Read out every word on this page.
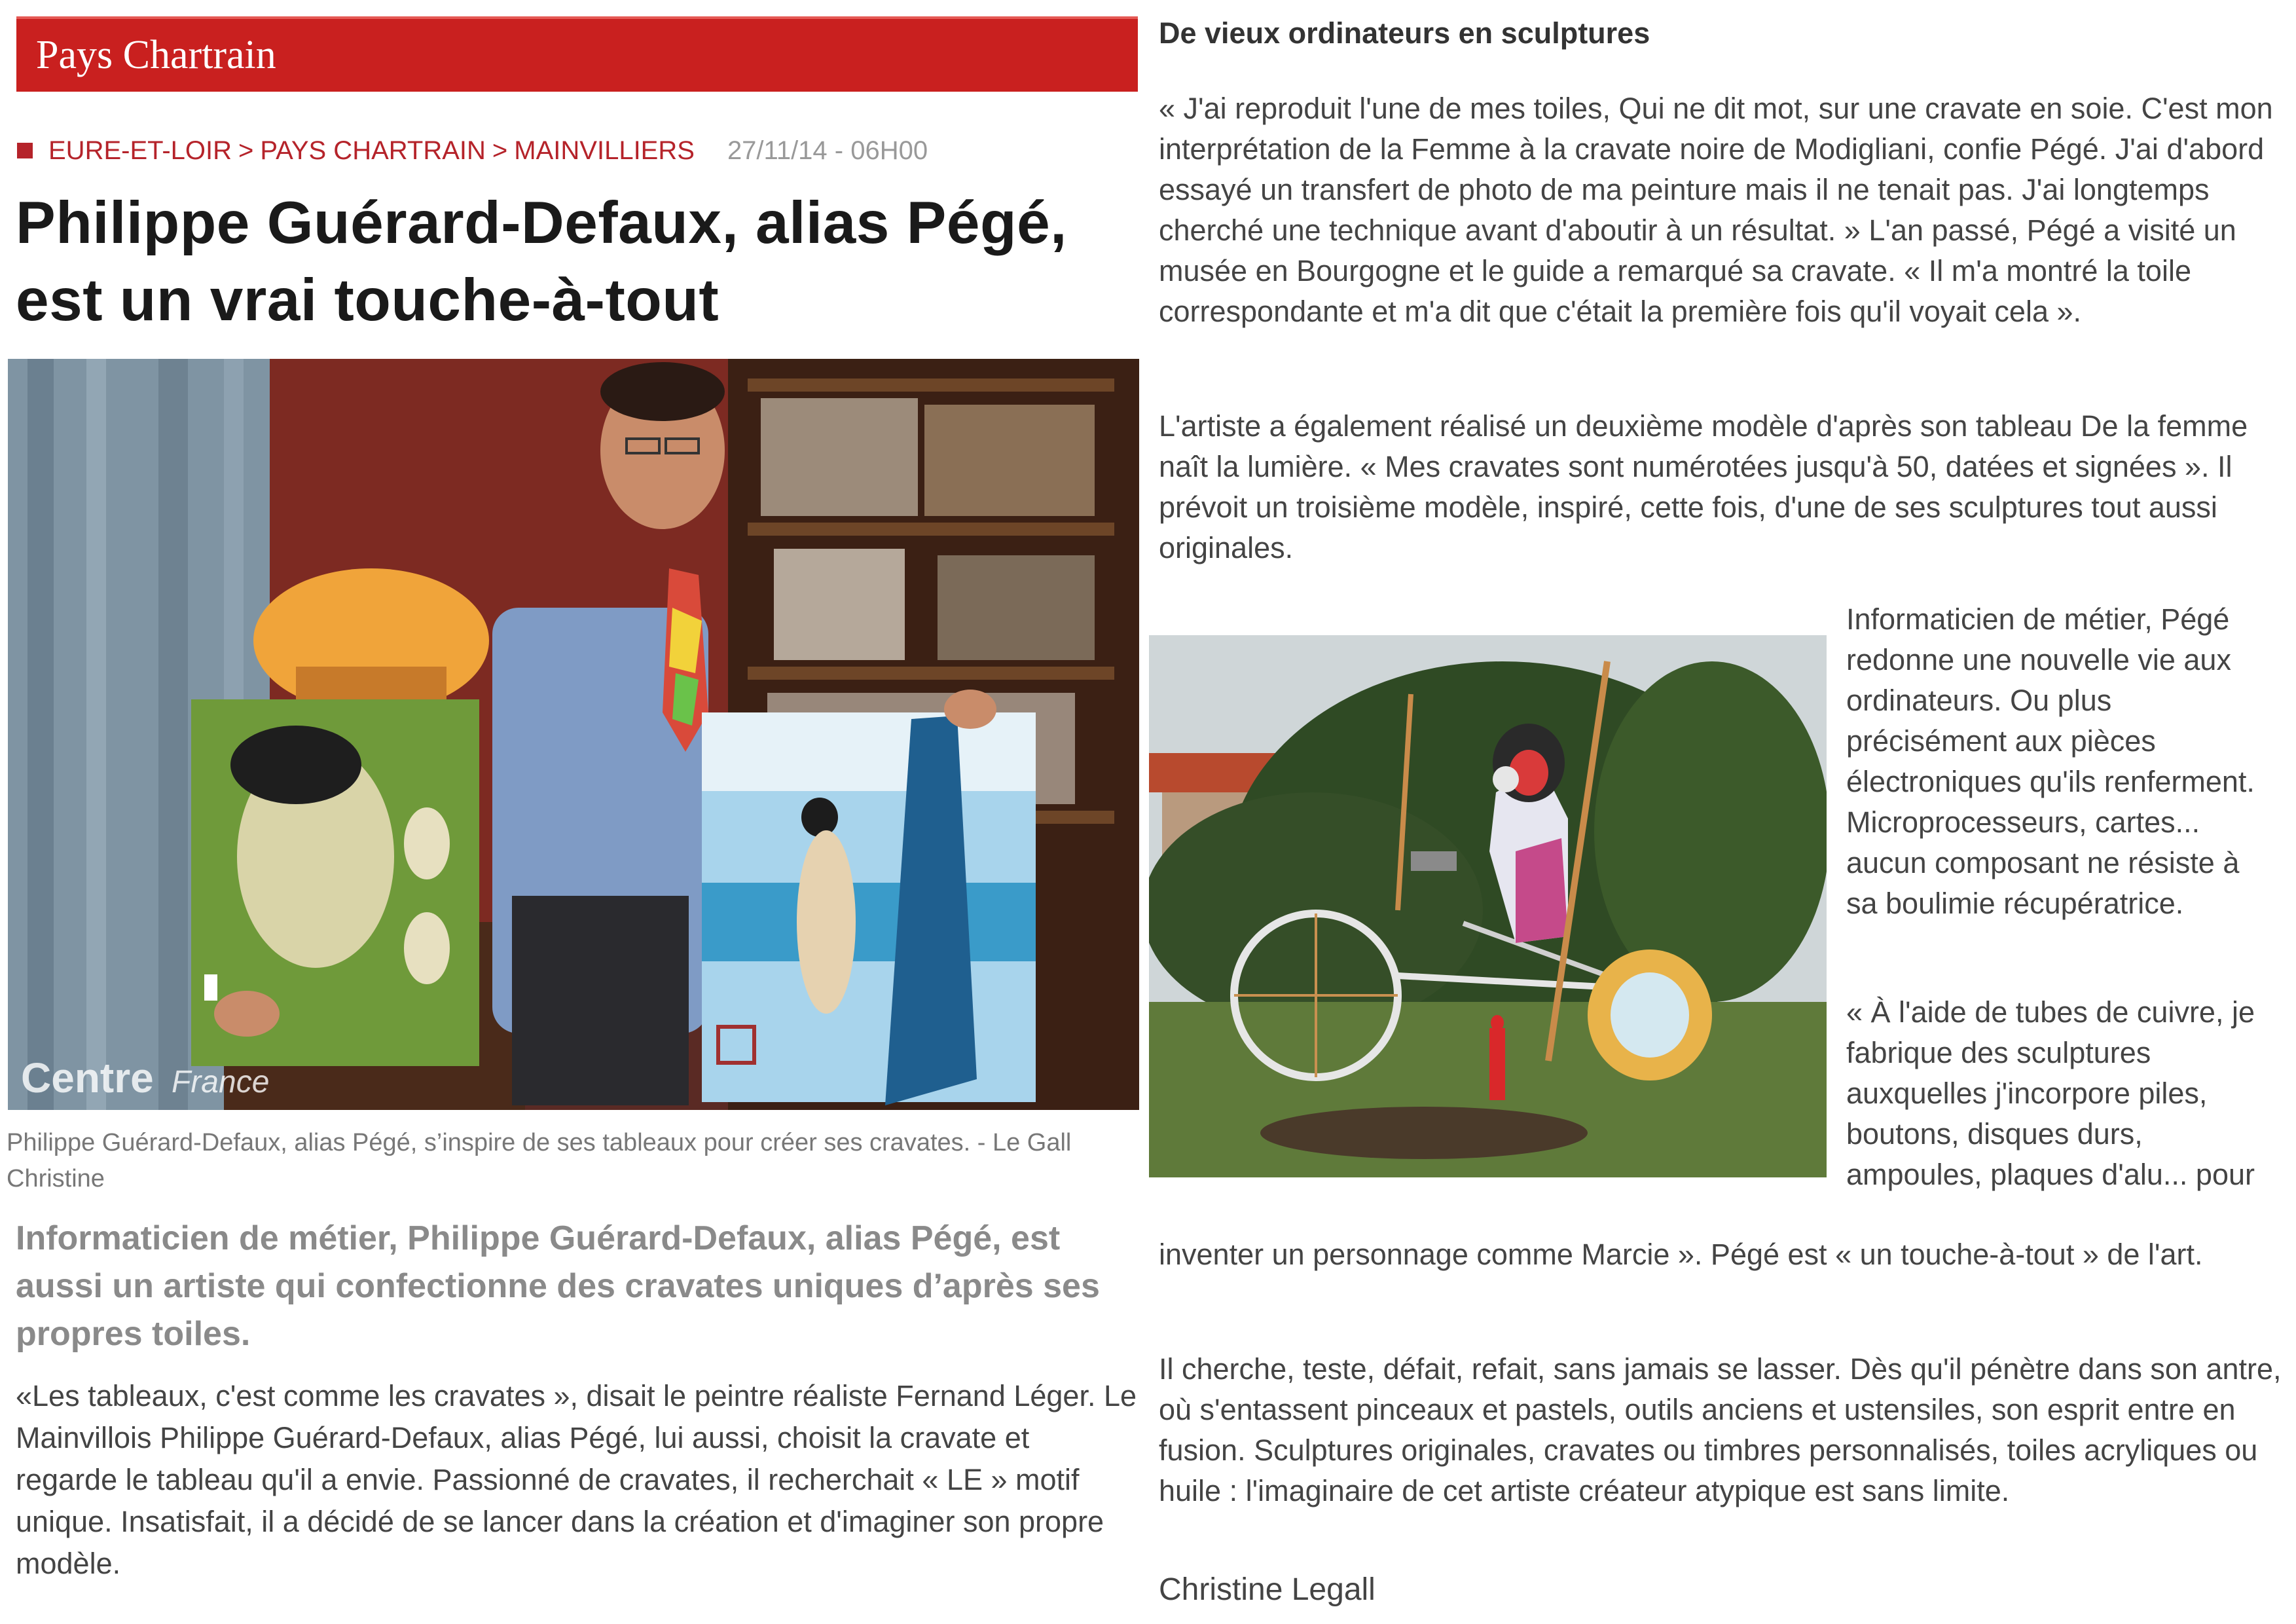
Pays Chartrain
EURE-ET-LOIR > PAYS CHARTRAIN > MAINVILLIERS 27/11/14 - 06H00
Philippe Guérard-Defaux, alias Pégé, est un vrai touche-à-tout
Centre France

Philippe Guérard-Defaux, alias Pégé, s’inspire de ses tableaux pour créer ses cravates. - Le Gall Christine

Informaticien de métier, Philippe Guérard-Defaux, alias Pégé, est aussi un artiste qui confectionne des cravates uniques d’après ses propres toiles.

«Les tableaux, c'est comme les cravates », disait le peintre réaliste Fernand Léger. Le Mainvillois Philippe Guérard-Defaux, alias Pégé, lui aussi, choisit la cravate et regarde le tableau qu'il a envie. Passionné de cravates, il recherchait « LE » motif unique. Insatisfait, il a décidé de se lancer dans la création et d'imaginer son propre modèle.

De vieux ordinateurs en sculptures

« J'ai reproduit l'une de mes toiles, Qui ne dit mot, sur une cravate en soie. C'est mon interprétation de la Femme à la cravate noire de Modigliani, confie Pégé. J'ai d'abord essayé un transfert de photo de ma peinture mais il ne tenait pas. J'ai longtemps cherché une technique avant d'aboutir à un résultat. » L'an passé, Pégé a visité un musée en Bourgogne et le guide a remarqué sa cravate. « Il m'a montré la toile correspondante et m'a dit que c'était la première fois qu'il voyait cela ».

L'artiste a également réalisé un deuxième modèle d'après son tableau De la femme naît la lumière. « Mes cravates sont numérotées jusqu'à 50, datées et signées ». Il prévoit un troisième modèle, inspiré, cette fois, d'une de ses sculptures tout aussi originales.

Informaticien de métier, Pégé redonne une nouvelle vie aux ordinateurs. Ou plus précisément aux pièces électroniques qu'ils renferment. Microprocesseurs, cartes... aucun composant ne résiste à sa boulimie récupératrice.

« À l'aide de tubes de cuivre, je fabrique des sculptures auxquelles j'incorpore piles, boutons, disques durs, ampoules, plaques d'alu... pour

inventer un personnage comme Marcie ». Pégé est « un touche-à-tout » de l'art.

Il cherche, teste, défait, refait, sans jamais se lasser. Dès qu'il pénètre dans son antre, où s'entassent pinceaux et pastels, outils anciens et ustensiles, son esprit entre en fusion. Sculptures originales, cravates ou timbres personnalisés, toiles acryliques ou huile : l'imaginaire de cet artiste créateur atypique est sans limite.

Christine Legall
